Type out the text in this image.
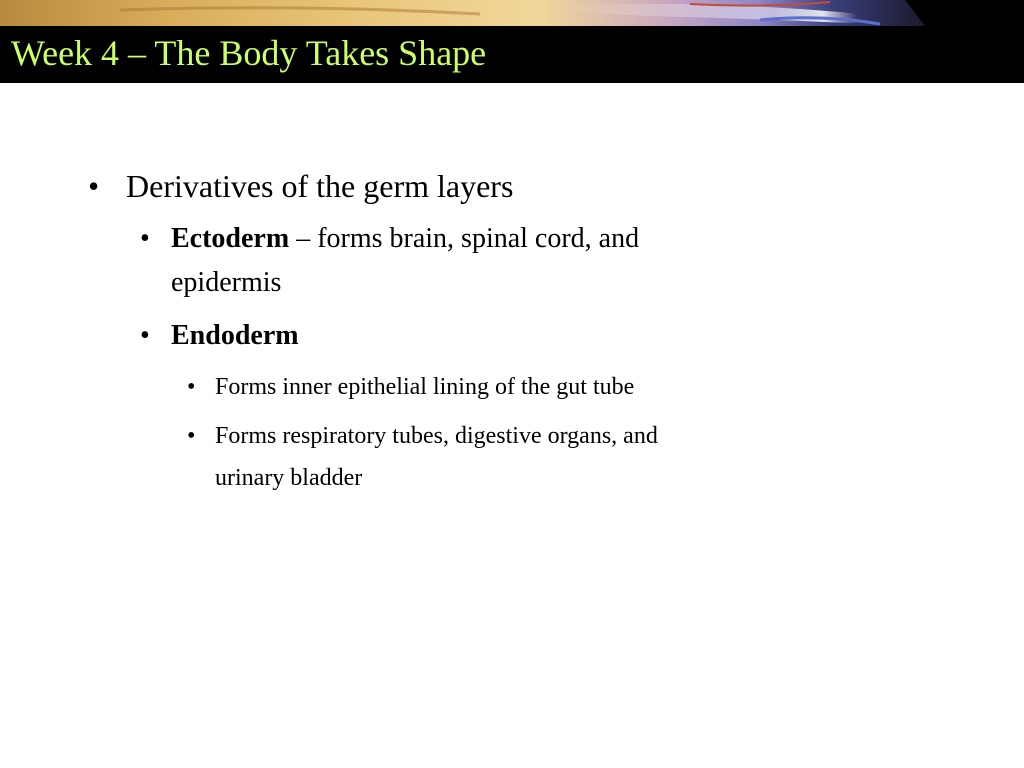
Week 4 – The Body Takes Shape
• Derivatives of the germ layers
• Ectoderm – forms brain, spinal cord, and
epidermis
• Endoderm
• Forms inner epithelial lining of the gut tube
• Forms respiratory tubes, digestive organs, and
urinary bladder
